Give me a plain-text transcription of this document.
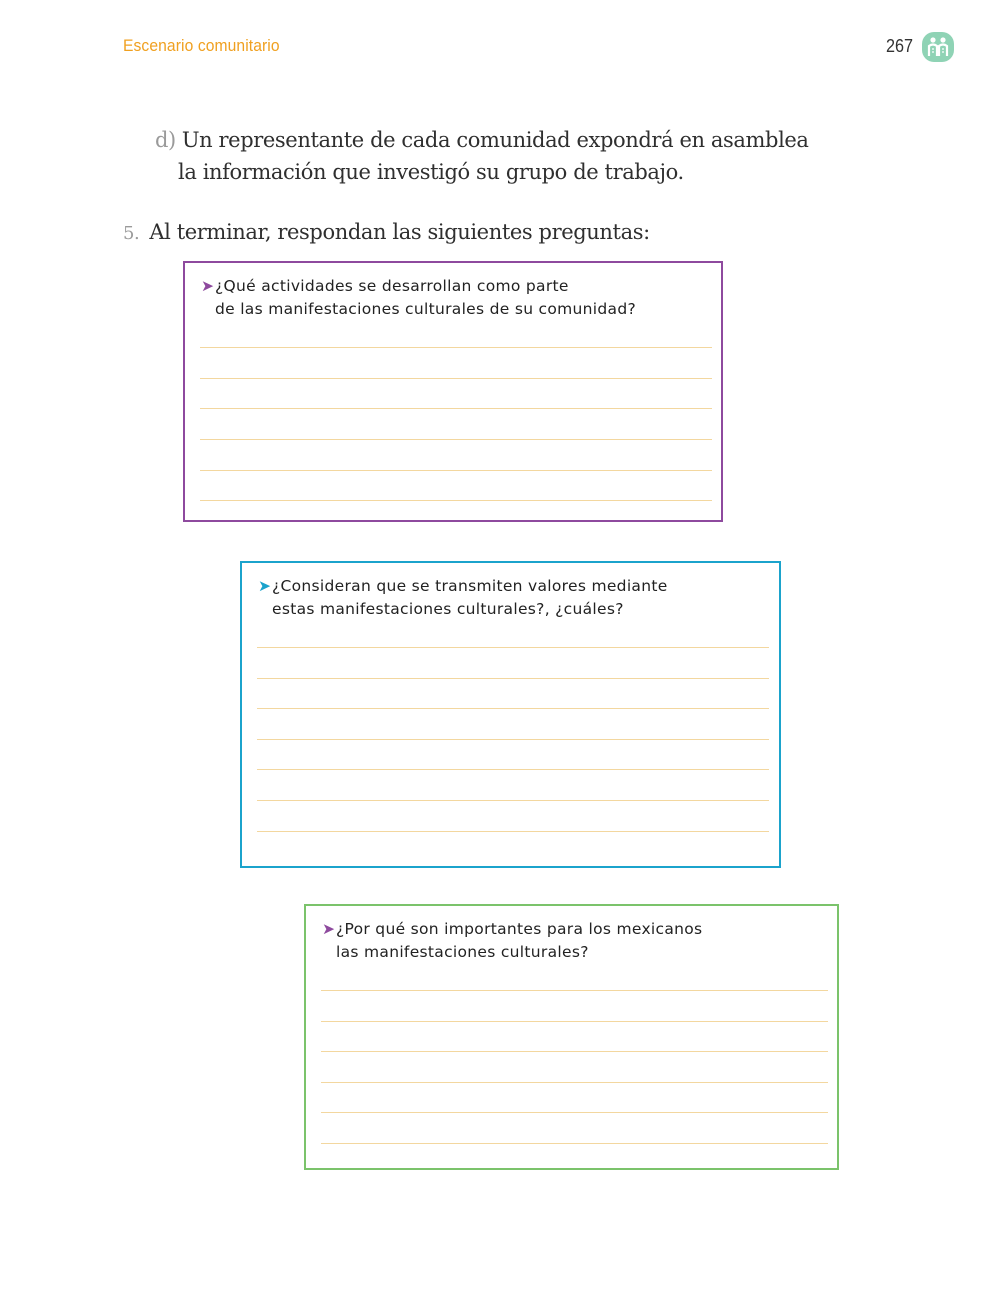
Escenario comunitario	267
d) Un representante de cada comunidad expondrá en asamblea
la información que investigó su grupo de trabajo.
5. Al terminar, respondan las siguientes preguntas:
➤¿Qué actividades se desarrollan como parte
de las manifestaciones culturales de su comunidad?
➤¿Consideran que se transmiten valores mediante
estas manifestaciones culturales?, ¿cuáles?
➤¿Por qué son importantes para los mexicanos
las manifestaciones culturales?
